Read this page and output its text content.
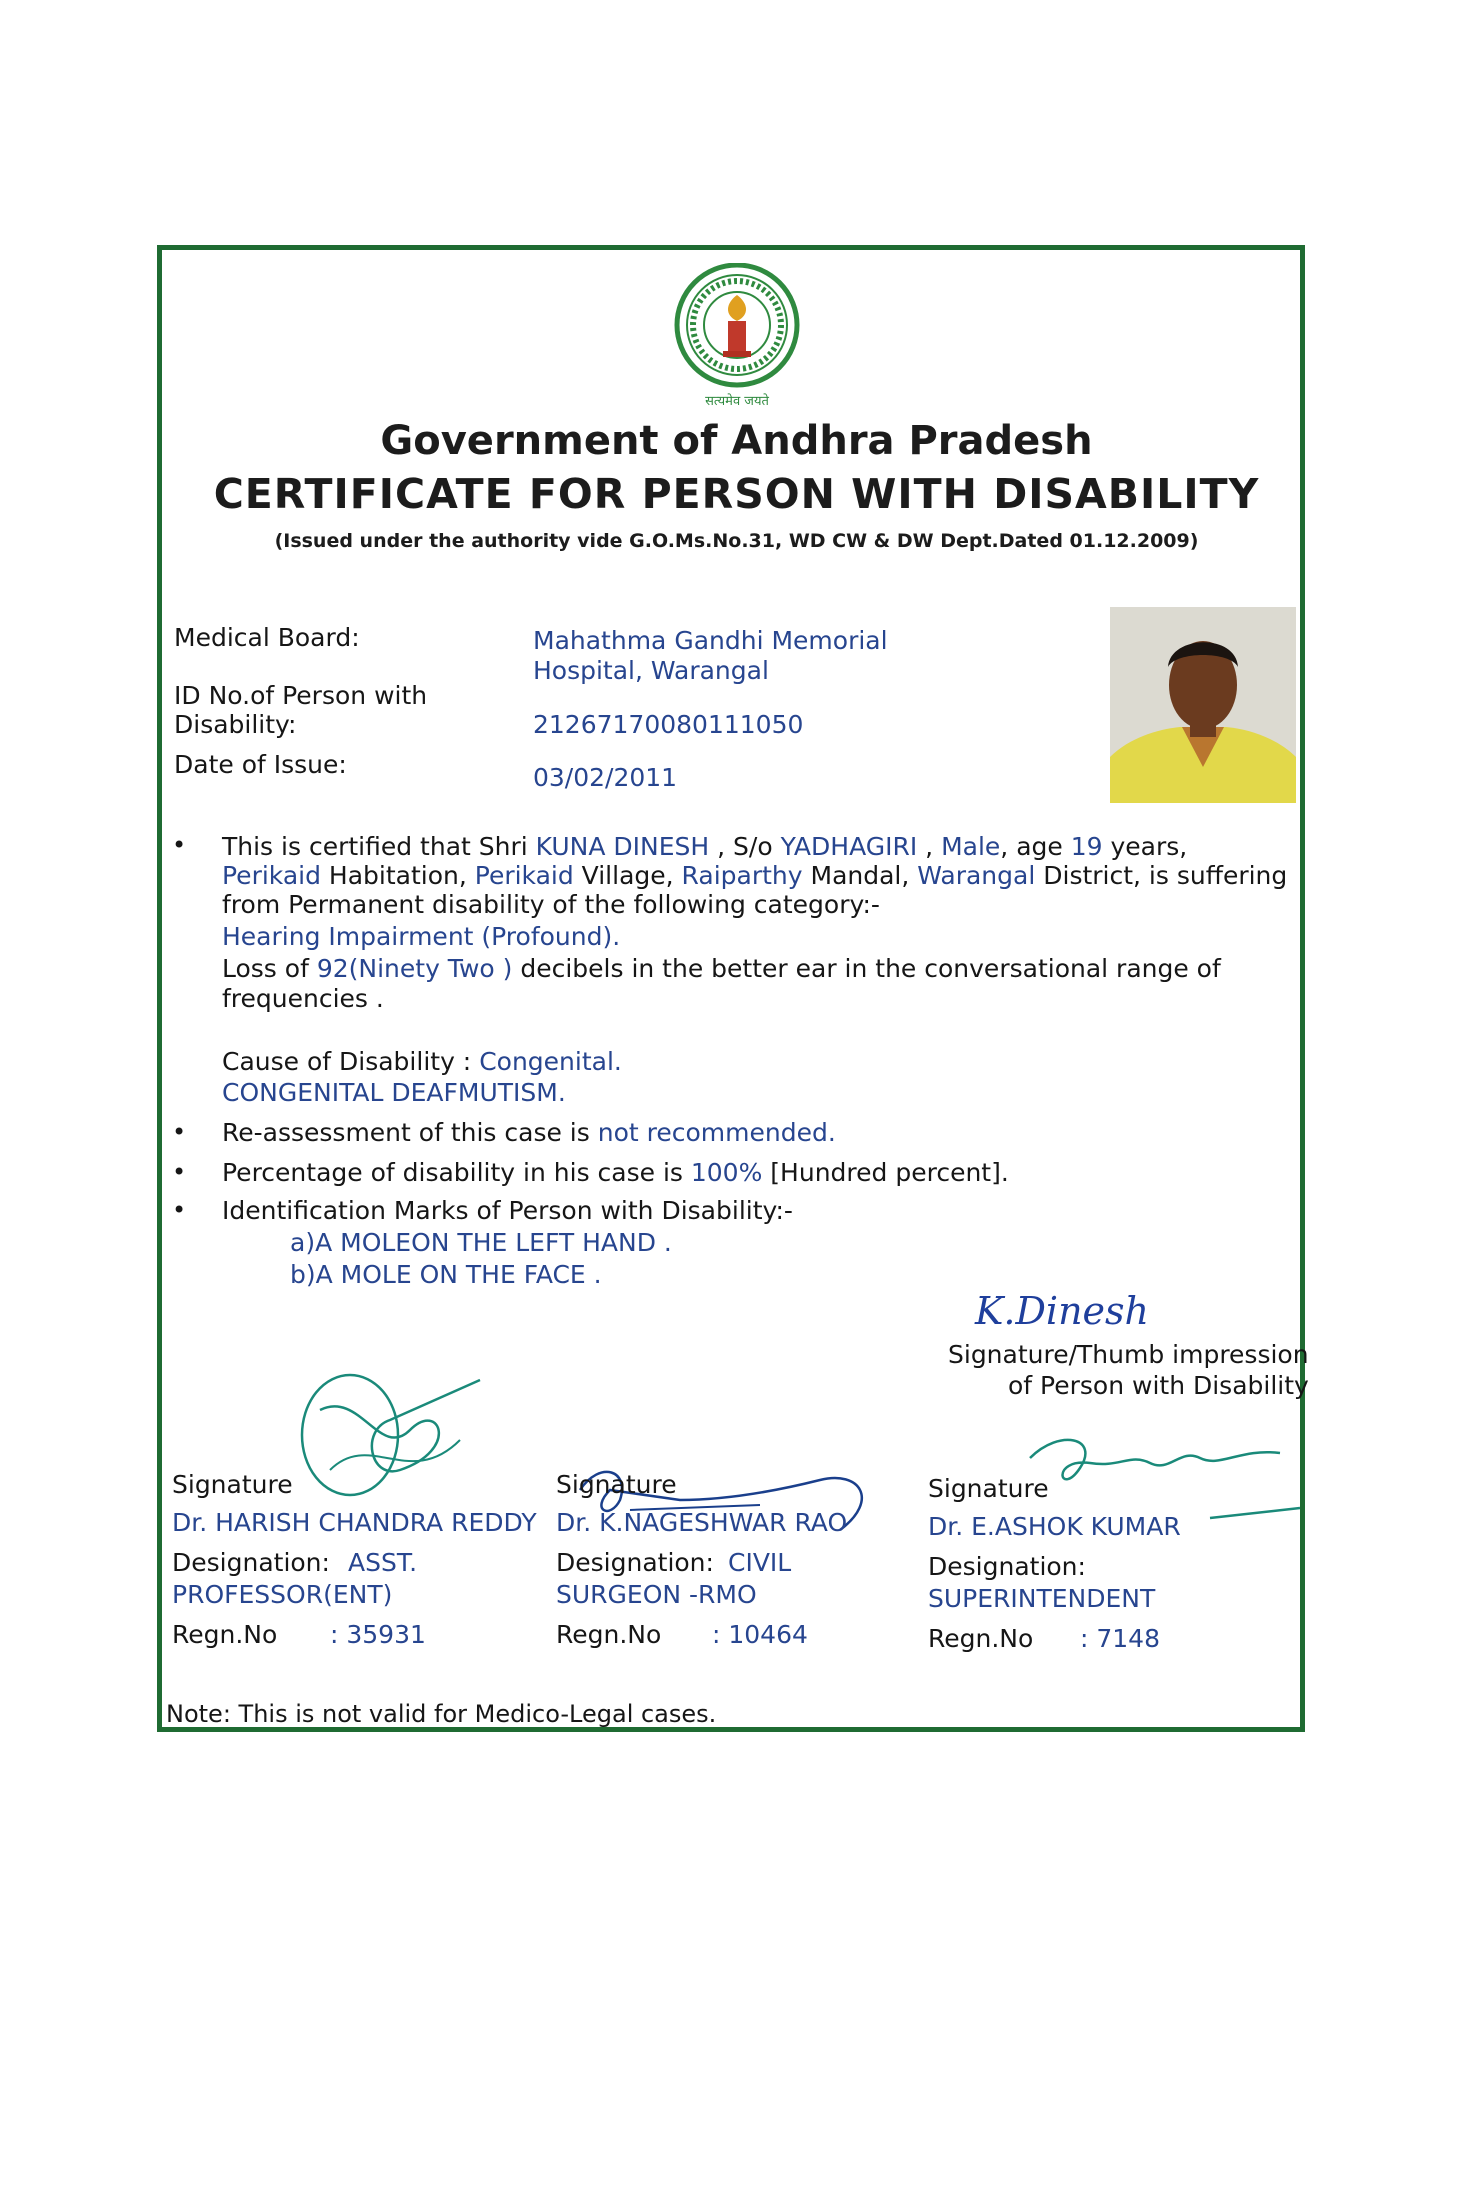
सत्यमेव जयते
Government of Andhra Pradesh
CERTIFICATE FOR PERSON WITH DISABILITY
(Issued under the authority vide G.O.Ms.No.31, WD CW & DW Dept.Dated 01.12.2009)
Medical Board:	Mahathma Gandhi Memorial
Hospital, Warangal
ID No.of Person with
Disability:	21267170080111050
Date of Issue:	03/02/2011
• This is certified that Shri KUNA DINESH , S/o YADHAGIRI , Male, age 19 years,
Perikaid Habitation, Perikaid Village, Raiparthy Mandal, Warangal District, is suffering
from Permanent disability of the following category:-
Hearing Impairment (Profound).
Loss of 92(Ninety Two ) decibels in the better ear in the conversational range of
frequencies .
Cause of Disability : Congenital.
CONGENITAL DEAFMUTISM.
• Re-assessment of this case is not recommended.
• Percentage of disability in his case is 100% [Hundred percent].
• Identification Marks of Person with Disability:-
a)A MOLEON THE LEFT HAND .
b)A MOLE ON THE FACE .
K.Dinesh
Signature/Thumb impression
of Person with Disability
Signature
Dr. HARISH CHANDRA REDDY
Designation: ASST.
PROFESSOR(ENT)
Regn.No : 35931
Signature
Dr. K.NAGESHWAR RAO
Designation: CIVIL
SURGEON -RMO
Regn.No : 10464
Signature
Dr. E.ASHOK KUMAR
Designation:
SUPERINTENDENT
Regn.No : 7148
Note: This is not valid for Medico-Legal cases.
